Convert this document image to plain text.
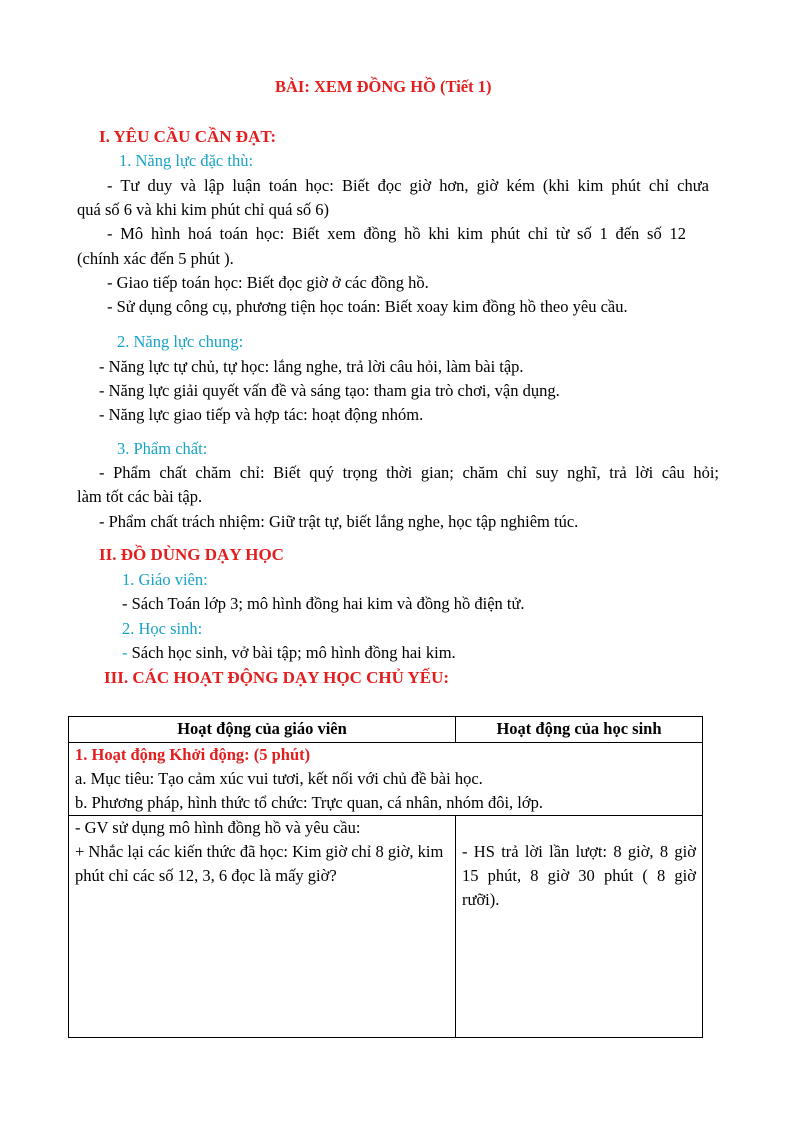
BÀI: XEM ĐỒNG HỒ (Tiết 1)
I. YÊU CẦU CẦN ĐẠT:
1. Năng lực đặc thù:
- Tư duy và lập luận toán học: Biết đọc giờ hơn, giờ kém (khi kim phút chỉ chưa
quá số 6 và khi kim phút chỉ quá số 6)
- Mô hình hoá toán học: Biết xem đồng hồ khi kim phút chỉ từ số 1 đến số 12
(chính xác đến 5 phút ).
- Giao tiếp toán học: Biết đọc giờ ở các đồng hồ.
- Sử dụng công cụ, phương tiện học toán: Biết xoay kim đồng hồ theo yêu cầu.
2. Năng lực chung:
- Năng lực tự chủ, tự học: lắng nghe, trả lời câu hỏi, làm bài tập.
- Năng lực giải quyết vấn đề và sáng tạo: tham gia trò chơi, vận dụng.
- Năng lực giao tiếp và hợp tác: hoạt động nhóm.
3. Phẩm chất:
- Phẩm chất chăm chỉ: Biết quý trọng thời gian; chăm chỉ suy nghĩ, trả lời câu hỏi;
làm tốt các bài tập.
- Phẩm chất trách nhiệm: Giữ trật tự, biết lắng nghe, học tập nghiêm túc.
II. ĐỒ DÙNG DẠY HỌC
1. Giáo viên:
- Sách Toán lớp 3; mô hình đồng hai kim và đồng hồ điện tử.
2. Học sinh:
- Sách học sinh, vở bài tập; mô hình đồng hai kim.
III. CÁC HOẠT ĐỘNG DẠY HỌC CHỦ YẾU:
Hoạt động của giáo viên	Hoạt động của học sinh

1. Hoạt động Khởi động: (5 phút)
a. Mục tiêu: Tạo cảm xúc vui tươi, kết nối với chủ đề bài học.
b. Phương pháp, hình thức tổ chức: Trực quan, cá nhân, nhóm đôi, lớp.	

- GV sử dụng mô hình đồng hồ và yêu cầu:
+ Nhắc lại các kiến thức đã học: Kim giờ chỉ 8 giờ, kim phút chỉ các số 12, 3, 6 đọc là mấy giờ?	- HS trả lời lần lượt: 8 giờ, 8 giờ 15 phút, 8 giờ 30 phút ( 8 giờ rưỡi).
